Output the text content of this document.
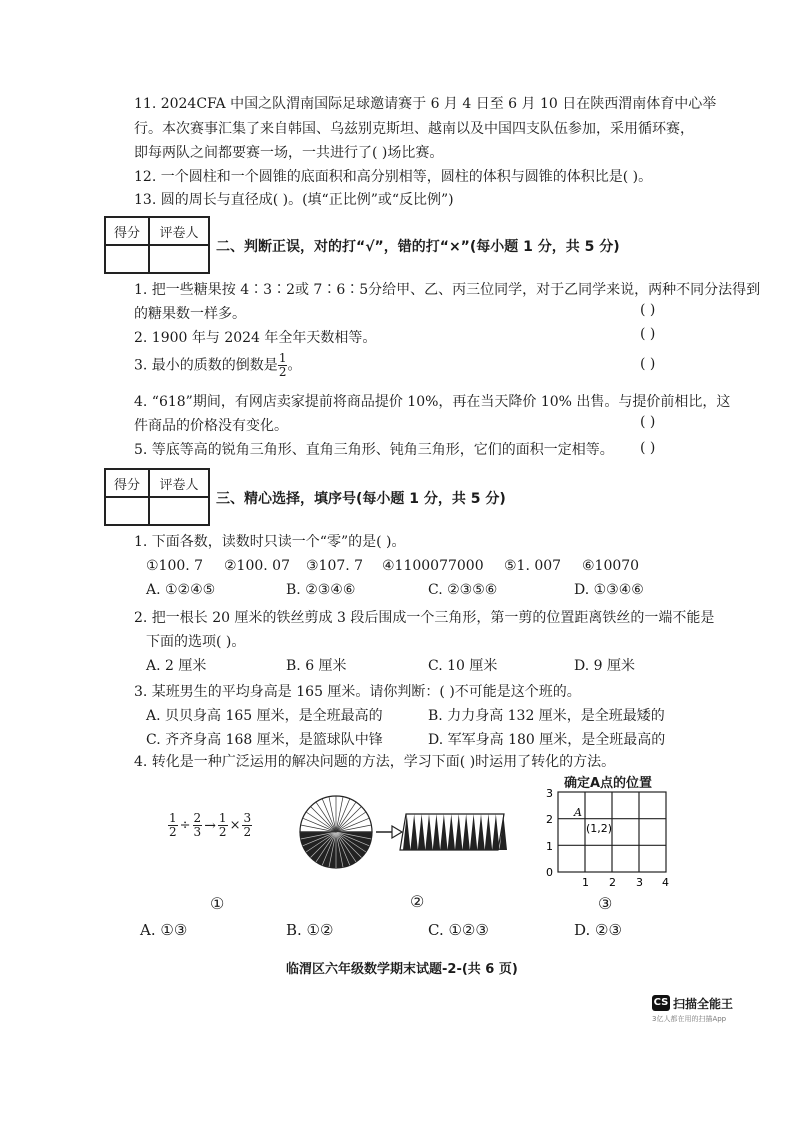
11. 2024CFA 中国之队渭南国际足球邀请赛于 6 月 4 日至 6 月 10 日在陕西渭南体育中心举
行。本次赛事汇集了来自韩国、乌兹别克斯坦、越南以及中国四支队伍参加，采用循环赛，
即每两队之间都要赛一场，一共进行了( )场比赛。
12. 一个圆柱和一个圆锥的底面积和高分别相等，圆柱的体积与圆锥的体积比是( )。
13. 圆的周长与直径成( )。(填“正比例”或“反比例”)
得分	评卷人

二、判断正误，对的打“√”，错的打“×”(每小题 1 分，共 5 分)
1. 把一些糖果按 4∶3∶2或 7∶6∶5分给甲、乙、丙三位同学，对于乙同学来说，两种不同分法得到
的糖果数一样多。	( )
2. 1900 年与 2024 年全年天数相等。	( )
3. 最小的质数的倒数是 $\frac{1}{2}$ 。	( )
4. “618”期间，有网店卖家提前将商品提价 10%，再在当天降价 10% 出售。与提价前相比，这
件商品的价格没有变化。	( )
5. 等底等高的锐角三角形、直角三角形、钝角三角形，它们的面积一定相等。 ( )
得分	评卷人

三、精心选择，填序号(每小题 1 分，共 5 分)
1. 下面各数，读数时只读一个“零”的是( )。
①100. 7 ②100. 07 ③107. 7 ④1100077000 ⑤1. 007 ⑥10070
A. ①②④⑤	B. ②③④⑥	C. ②③⑤⑥	D. ①③④⑥
2. 把一根长 20 厘米的铁丝剪成 3 段后围成一个三角形，第一剪的位置距离铁丝的一端不能是
下面的选项( )。
A. 2 厘米	B. 6 厘米	C. 10 厘米	D. 9 厘米
3. 某班男生的平均身高是 165 厘米。请你判断：( )不可能是这个班的。
A. 贝贝身高 165 厘米，是全班最高的	B. 力力身高 132 厘米，是全班最矮的
C. 齐齐身高 168 厘米，是篮球队中锋	D. 军军身高 180 厘米，是全班最高的
4. 转化是一种广泛运用的解决问题的方法，学习下面( )时运用了转化的方法。
$\frac{1}{2} \div \frac{2}{3} \to \frac{1}{2} \times \frac{3}{2}$
①	②
确定A点的位置
3
2
1
0
1 2 3 4
A
(1,2)
③
A. ①③	B. ①②	C. ①②③	D. ②③
临渭区六年级数学期末试题-2-(共 6 页)
CS 扫描全能王
3亿人都在用的扫描App
